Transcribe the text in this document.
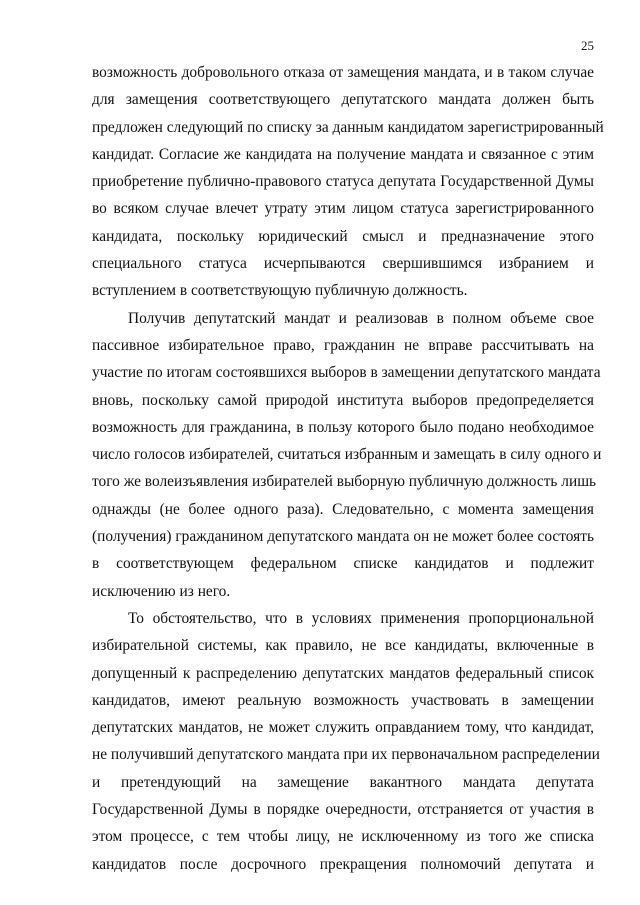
25
возможность добровольного отказа от замещения мандата, и в таком случае
для замещения соответствующего депутатского мандата должен быть
предложен следующий по списку за данным кандидатом зарегистрированный
кандидат. Согласие же кандидата на получение мандата и связанное с этим
приобретение публично-правового статуса депутата Государственной Думы
во всяком случае влечет утрату этим лицом статуса зарегистрированного
кандидата, поскольку юридический смысл и предназначение этого
специального статуса исчерпываются свершившимся избранием и
вступлением в соответствующую публичную должность.
Получив депутатский мандат и реализовав в полном объеме свое
пассивное избирательное право, гражданин не вправе рассчитывать на
участие по итогам состоявшихся выборов в замещении депутатского мандата
вновь, поскольку самой природой института выборов предопределяется
возможность для гражданина, в пользу которого было подано необходимое
число голосов избирателей, считаться избранным и замещать в силу одного и
того же волеизъявления избирателей выборную публичную должность лишь
однажды (не более одного раза). Следовательно, с момента замещения
(получения) гражданином депутатского мандата он не может более состоять
в соответствующем федеральном списке кандидатов и подлежит
исключению из него.
То обстоятельство, что в условиях применения пропорциональной
избирательной системы, как правило, не все кандидаты, включенные в
допущенный к распределению депутатских мандатов федеральный список
кандидатов, имеют реальную возможность участвовать в замещении
депутатских мандатов, не может служить оправданием тому, что кандидат,
не получивший депутатского мандата при их первоначальном распределении
и претендующий на замещение вакантного мандата депутата
Государственной Думы в порядке очередности, отстраняется от участия в
этом процессе, с тем чтобы лицу, не исключенному из того же списка
кандидатов после досрочного прекращения полномочий депутата и
